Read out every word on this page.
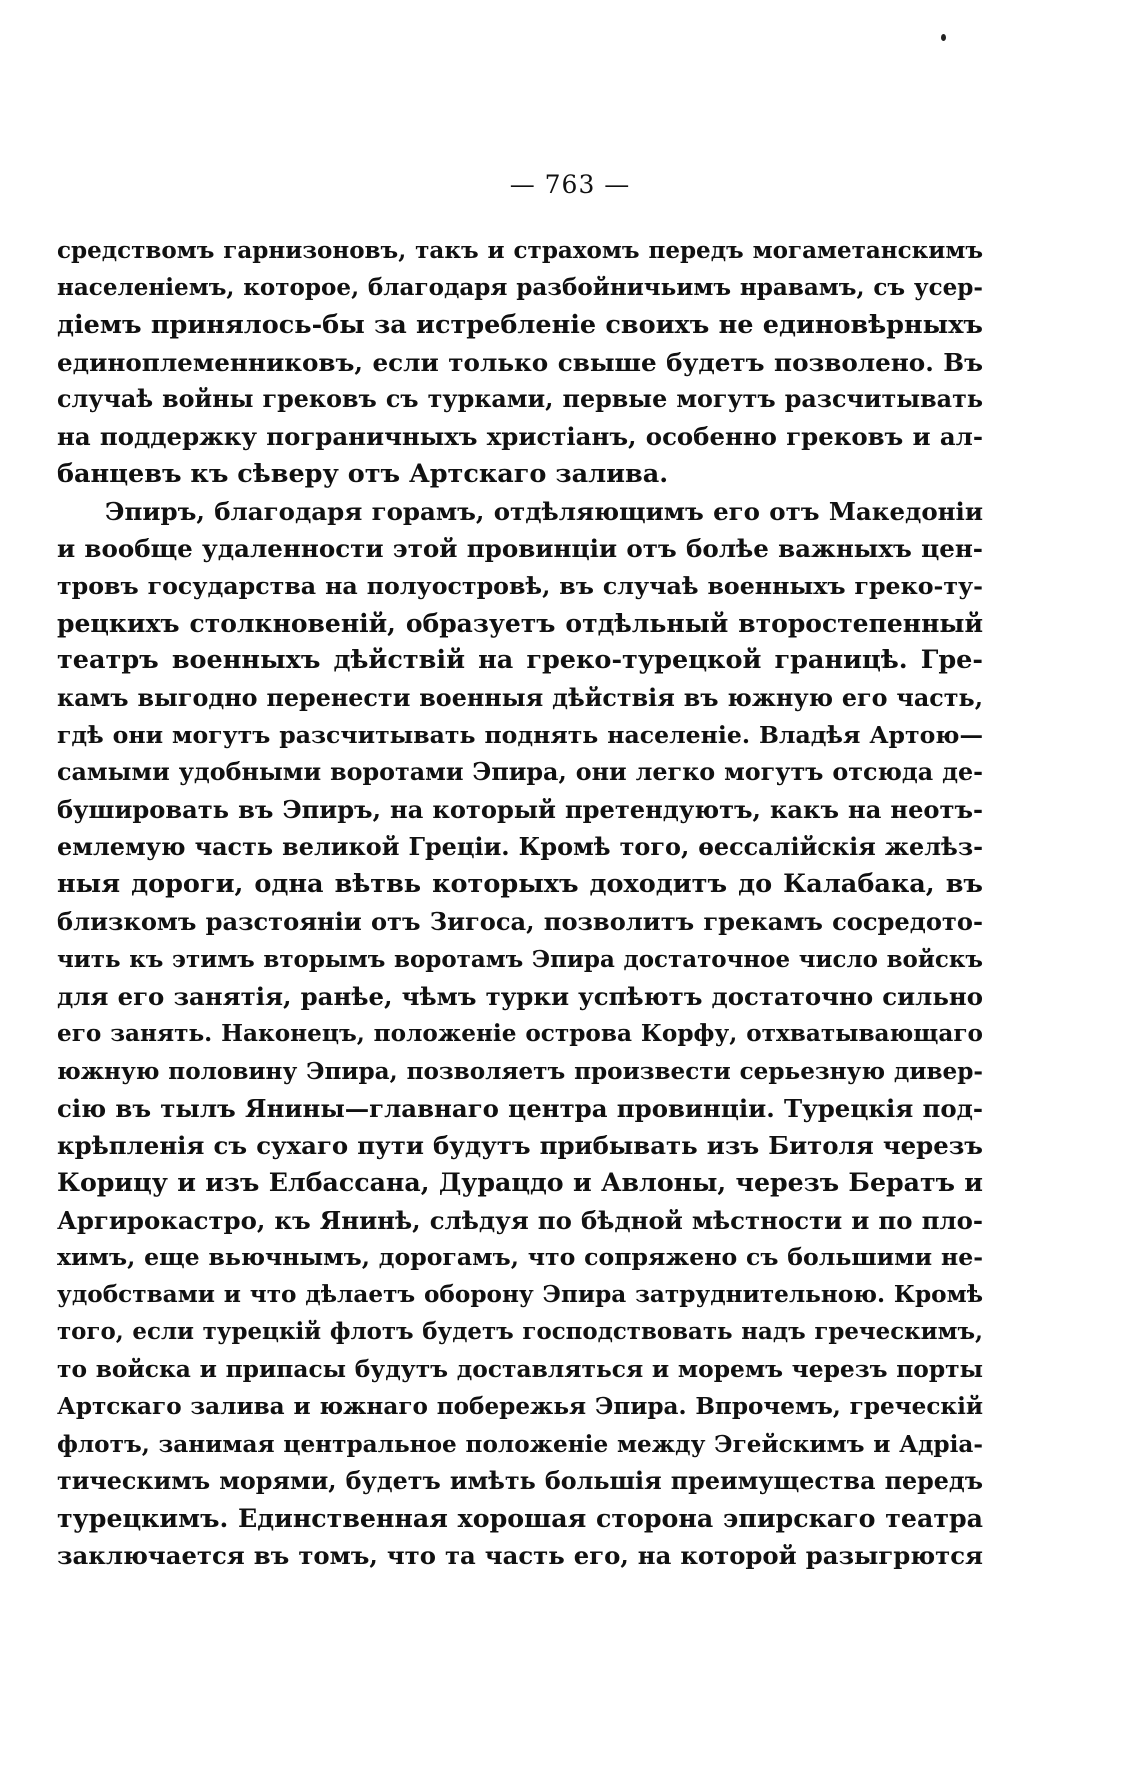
— 763 —
средствомъ гарнизоновъ, такъ и страхомъ передъ могаметанскимъ
населеніемъ, которое, благодаря разбойничьимъ нравамъ, съ усер-
діемъ принялось-бы за истребленіе своихъ не единовѣрныхъ
единоплеменниковъ, если только свыше будетъ позволено. Въ
случаѣ войны грековъ съ турками, первые могутъ разсчитывать
на поддержку пограничныхъ христіанъ, особенно грековъ и ал-
банцевъ къ сѣверу отъ Артскаго залива.
Эпиръ, благодаря горамъ, отдѣляющимъ его отъ Македоніи
и вообще удаленности этой провинціи отъ болѣе важныхъ цен-
тровъ государства на полуостровѣ, въ случаѣ военныхъ греко-ту-
рецкихъ столкновеній, образуетъ отдѣльный второстепенный
театръ военныхъ дѣйствій на греко-турецкой границѣ. Гре-
камъ выгодно перенести военныя дѣйствія въ южную его часть,
гдѣ они могутъ разсчитывать поднять населеніе. Владѣя Артою—
самыми удобными воротами Эпира, они легко могутъ отсюда де-
бушировать въ Эпиръ, на который претендуютъ, какъ на неотъ-
емлемую часть великой Греціи. Кромѣ того, ѳессалійскія желѣз-
ныя дороги, одна вѣтвь которыхъ доходитъ до Калабака, въ
близкомъ разстояніи отъ Зигоса, позволитъ грекамъ сосредото-
чить къ этимъ вторымъ воротамъ Эпира достаточное число войскъ
для его занятія, ранѣе, чѣмъ турки успѣютъ достаточно сильно
его занять. Наконецъ, положеніе острова Корфу, отхватывающаго
южную половину Эпира, позволяетъ произвести серьезную дивер-
сію въ тылъ Янины—главнаго центра провинціи. Турецкія под-
крѣпленія съ сухаго пути будутъ прибывать изъ Битоля черезъ
Корицу и изъ Елбассана, Дурацдо и Авлоны, черезъ Бератъ и
Аргирокастро, къ Янинѣ, слѣдуя по бѣдной мѣстности и по пло-
химъ, еще вьючнымъ, дорогамъ, что сопряжено съ большими не-
удобствами и что дѣлаетъ оборону Эпира затруднительною. Кромѣ
того, если турецкій флотъ будетъ господствовать надъ греческимъ,
то войска и припасы будутъ доставляться и моремъ черезъ порты
Артскаго залива и южнаго побережья Эпира. Впрочемъ, греческій
флотъ, занимая центральное положеніе между Эгейскимъ и Адріа-
тическимъ морями, будетъ имѣть большія преимущества передъ
турецкимъ. Единственная хорошая сторона эпирскаго театра
заключается въ томъ, что та часть его, на которой разыгрются
